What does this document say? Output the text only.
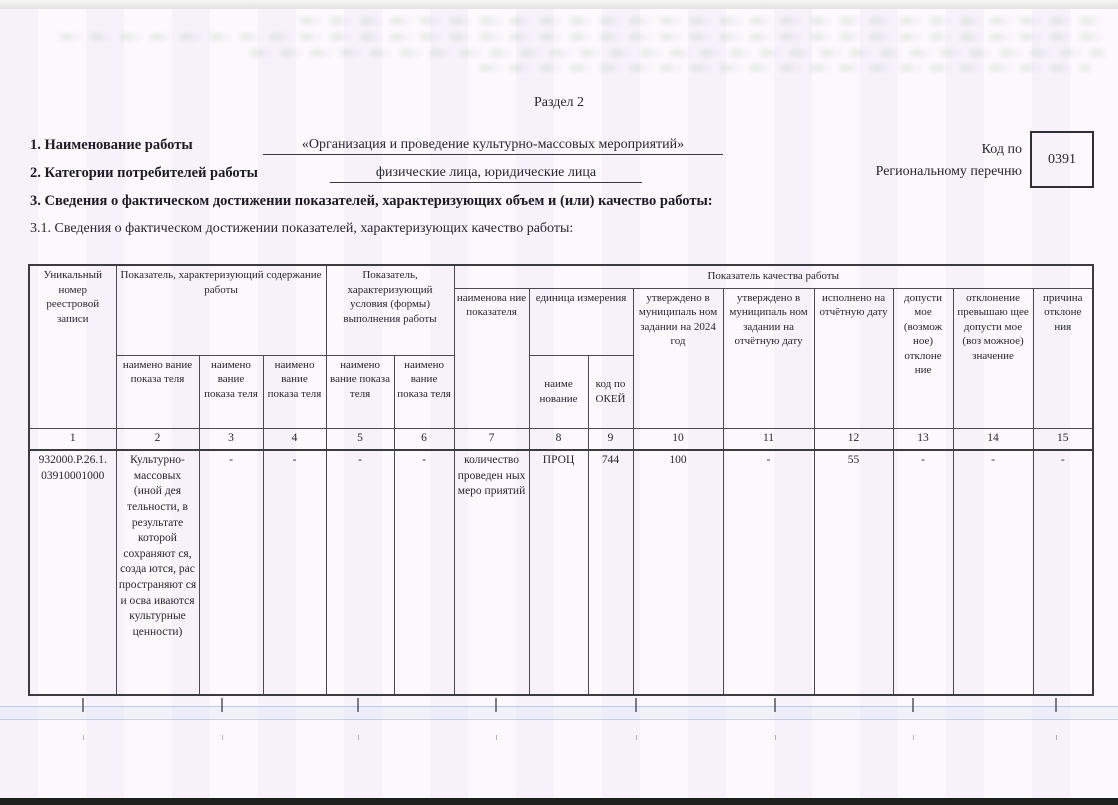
Раздел 2
1. Наименование работы	«Организация и проведение культурно-массовых мероприятий»
2. Категории потребителей работы	физические лица, юридические лица
Код по
Региональному перечню
0391
3. Сведения о фактическом достижении показателей, характеризующих объем и (или) качество работы:
3.1. Сведения о фактическом достижении показателей, характеризующих качество работы:
Уникальный номер реестровой записи	Показатель, характеризующий содержание работы			Показатель, характеризующий условия (формы) выполнения работы		Показатель качества работы								
						наименова ние показателя	единица измерения		утверждено в муниципаль ном задании на 2024 год	утверждено в муниципаль ном задании на отчётную дату	исполнено на отчётную дату	допусти мое (возмож ное) отклоне ние	отклонение превышаю щее допусти мое (воз можное) значение	причина отклоне ния
	наимено вание показа теля	наимено вание показа теля	наимено вание показа теля	наимено вание показа теля	наимено вание показа теля		наиме нование	код по ОКЕЙ						
1	2	3	4	5	6	7	8	9	10	11	12	13	14	15
932000.Р.26.1. 03910001000	Культурно- массовых (иной дея тельности, в результате которой сохраняют ся, созда ются, рас пространяют ся и осва иваются культурные ценности)	-	-	-	-	количество проведен ных меро приятий	ПРОЦ	744	100	-	55	-	-	-
